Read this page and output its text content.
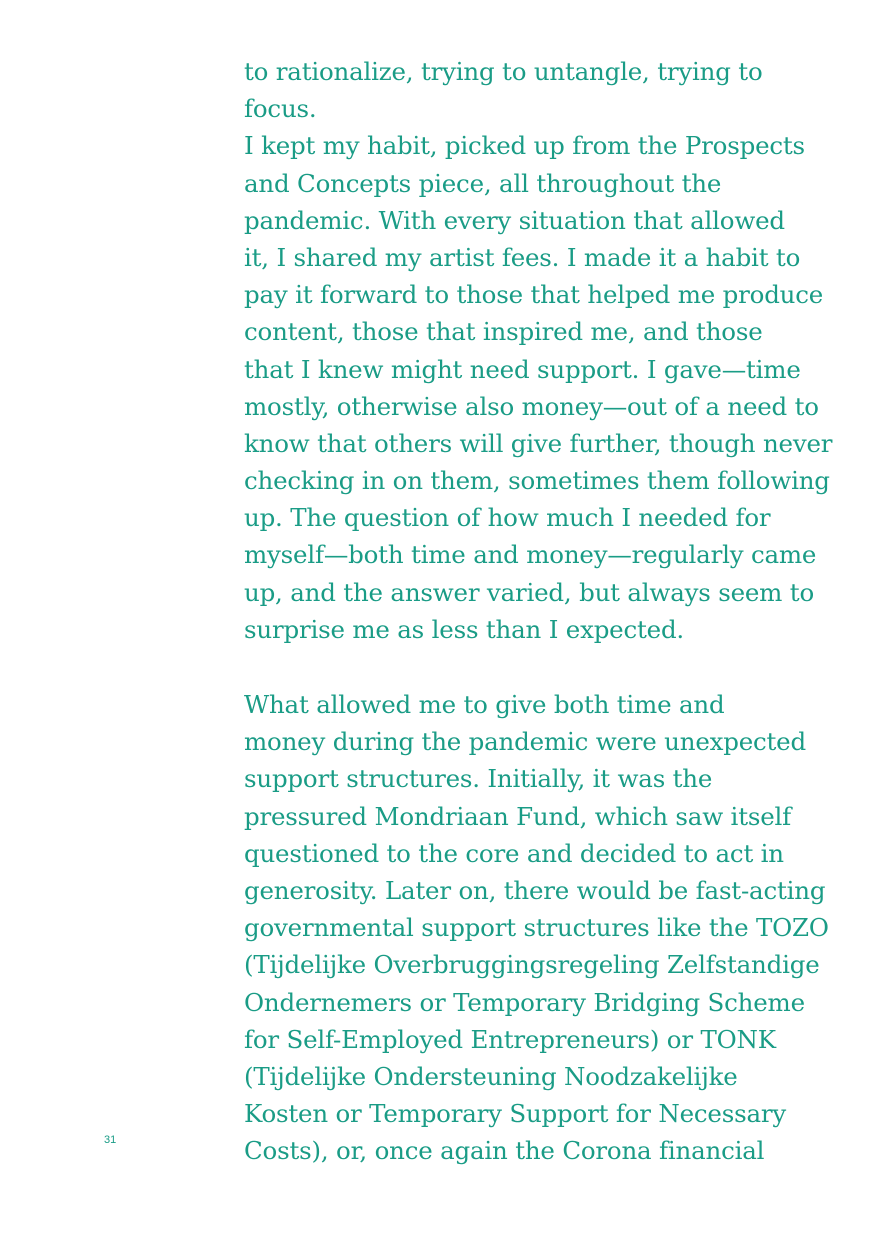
to rationalize, trying to untangle, trying to
focus.
I kept my habit, picked up from the Prospects
and Concepts piece, all throughout the
pandemic. With every situation that allowed
it, I shared my artist fees. I made it a habit to
pay it forward to those that helped me produce
content, those that inspired me, and those
that I knew might need support. I gave—time
mostly, otherwise also money—out of a need to
know that others will give further, though never
checking in on them, sometimes them following
up. The question of how much I needed for
myself—both time and money—regularly came
up, and the answer varied, but always seem to
surprise me as less than I expected.
What allowed me to give both time and
money during the pandemic were unexpected
support structures. Initially, it was the
pressured Mondriaan Fund, which saw itself
questioned to the core and decided to act in
generosity. Later on, there would be fast-acting
governmental support structures like the TOZO
(Tijdelijke Overbruggingsregeling Zelfstandige
Ondernemers or Temporary Bridging Scheme
for Self-Employed Entrepreneurs) or TONK
(Tijdelijke Ondersteuning Noodzakelijke
Kosten or Temporary Support for Necessary
Costs), or, once again the Corona financial
31
